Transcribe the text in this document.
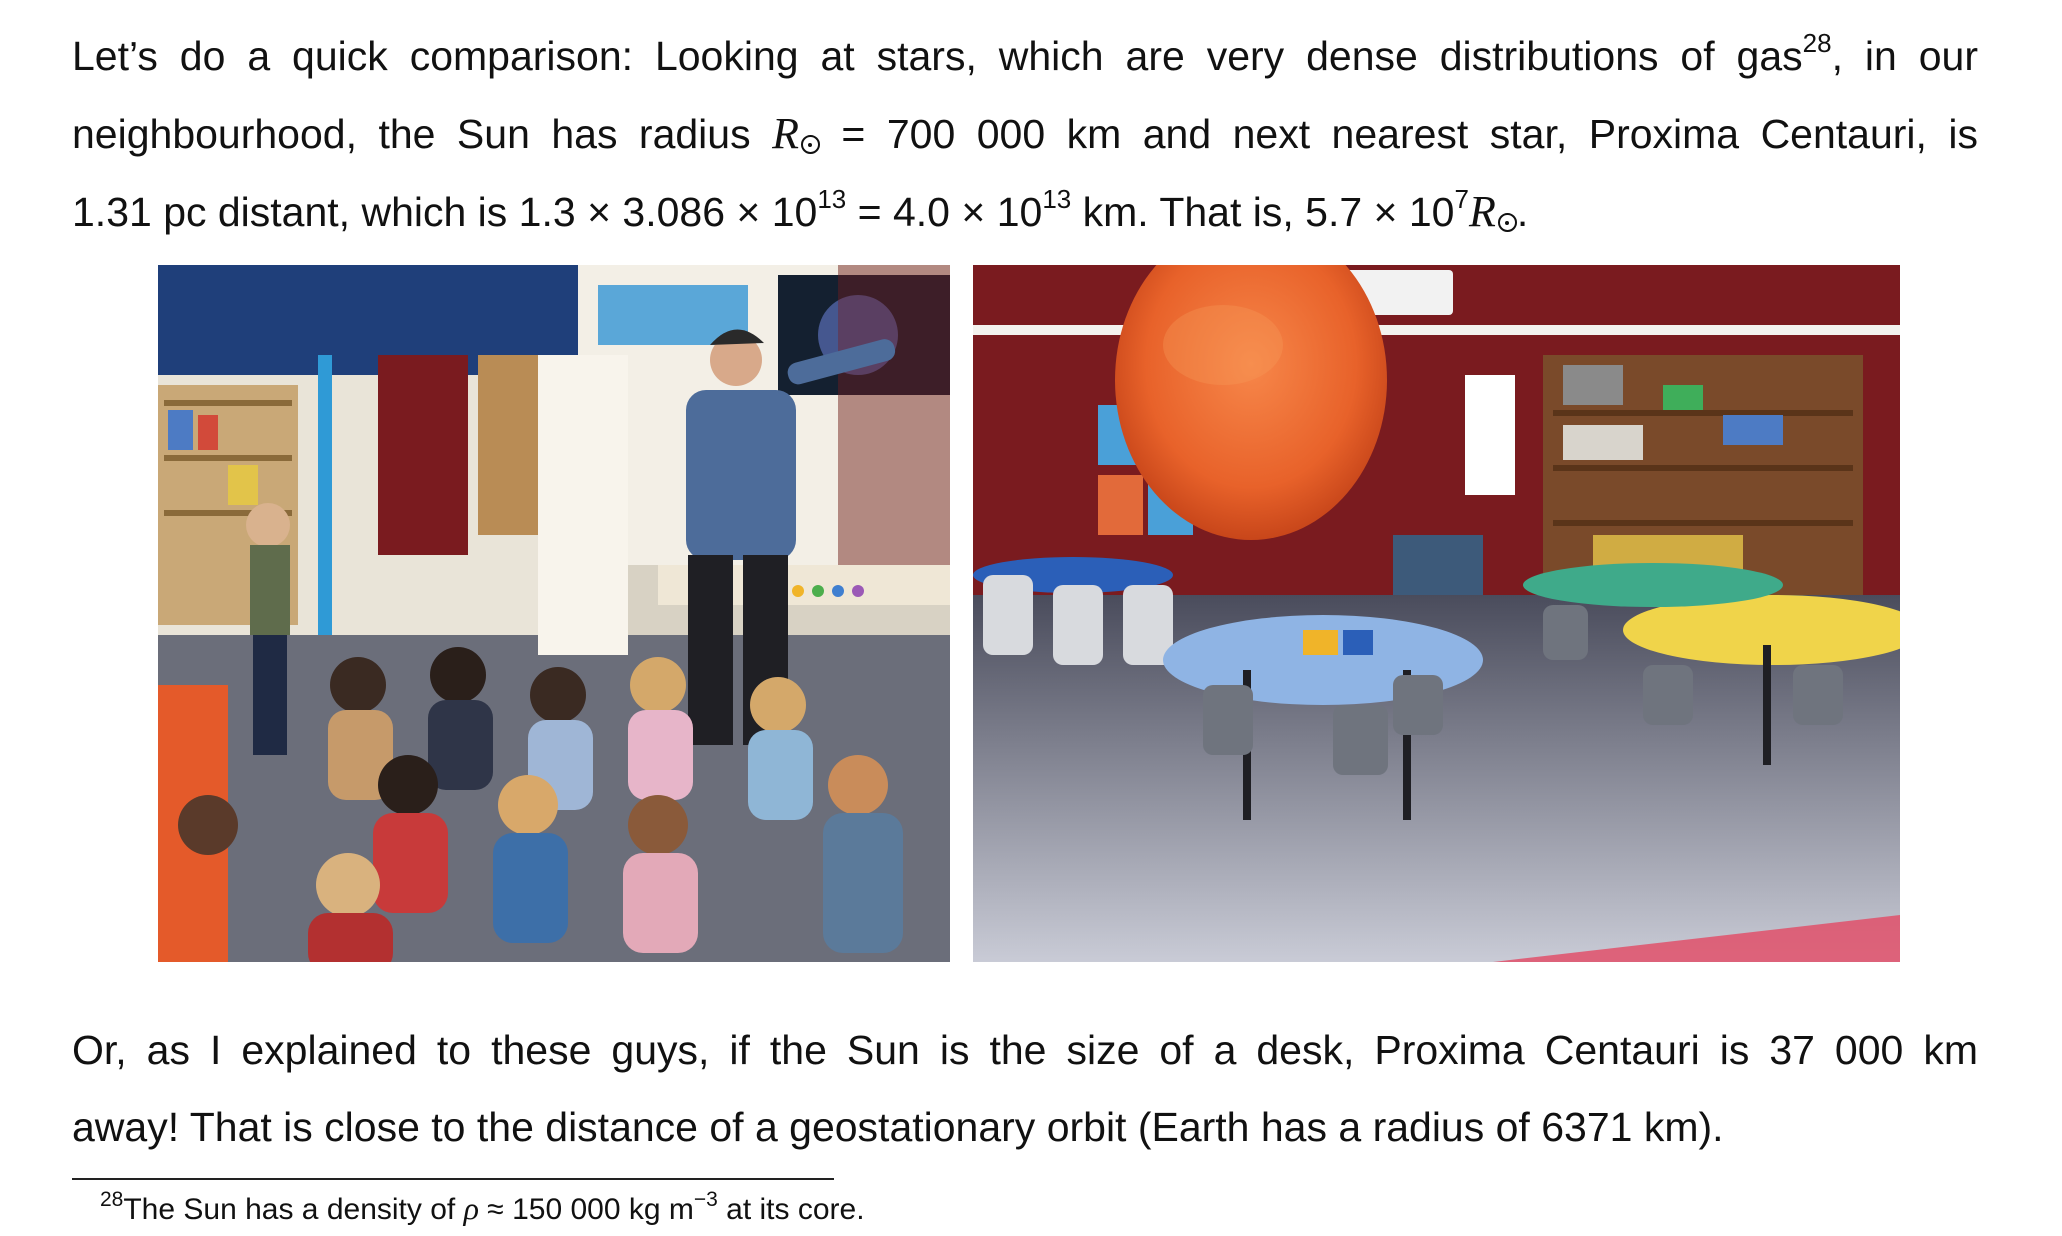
Let’s do a quick comparison: Looking at stars, which are very dense distributions of gas$^{28}$, in our
neighbourhood, the Sun has radius R = 700 000 km and next nearest star, Proxima Centauri, is
1.31 pc distant, which is $1.3 \times 3.086 \times 10^{13} = 4.0 \times 10^{13}$ km. That is, $5.7 \times 10^7R$ .
Or, as I explained to these guys, if the Sun is the size of a desk, Proxima Centauri is 37 000 km
away! That is close to the distance of a geostationary orbit (Earth has a radius of 6371 km).
$^{28}$The Sun has a density of ρ ≈ 150 000 kg $m^{-3}$ at its core.
